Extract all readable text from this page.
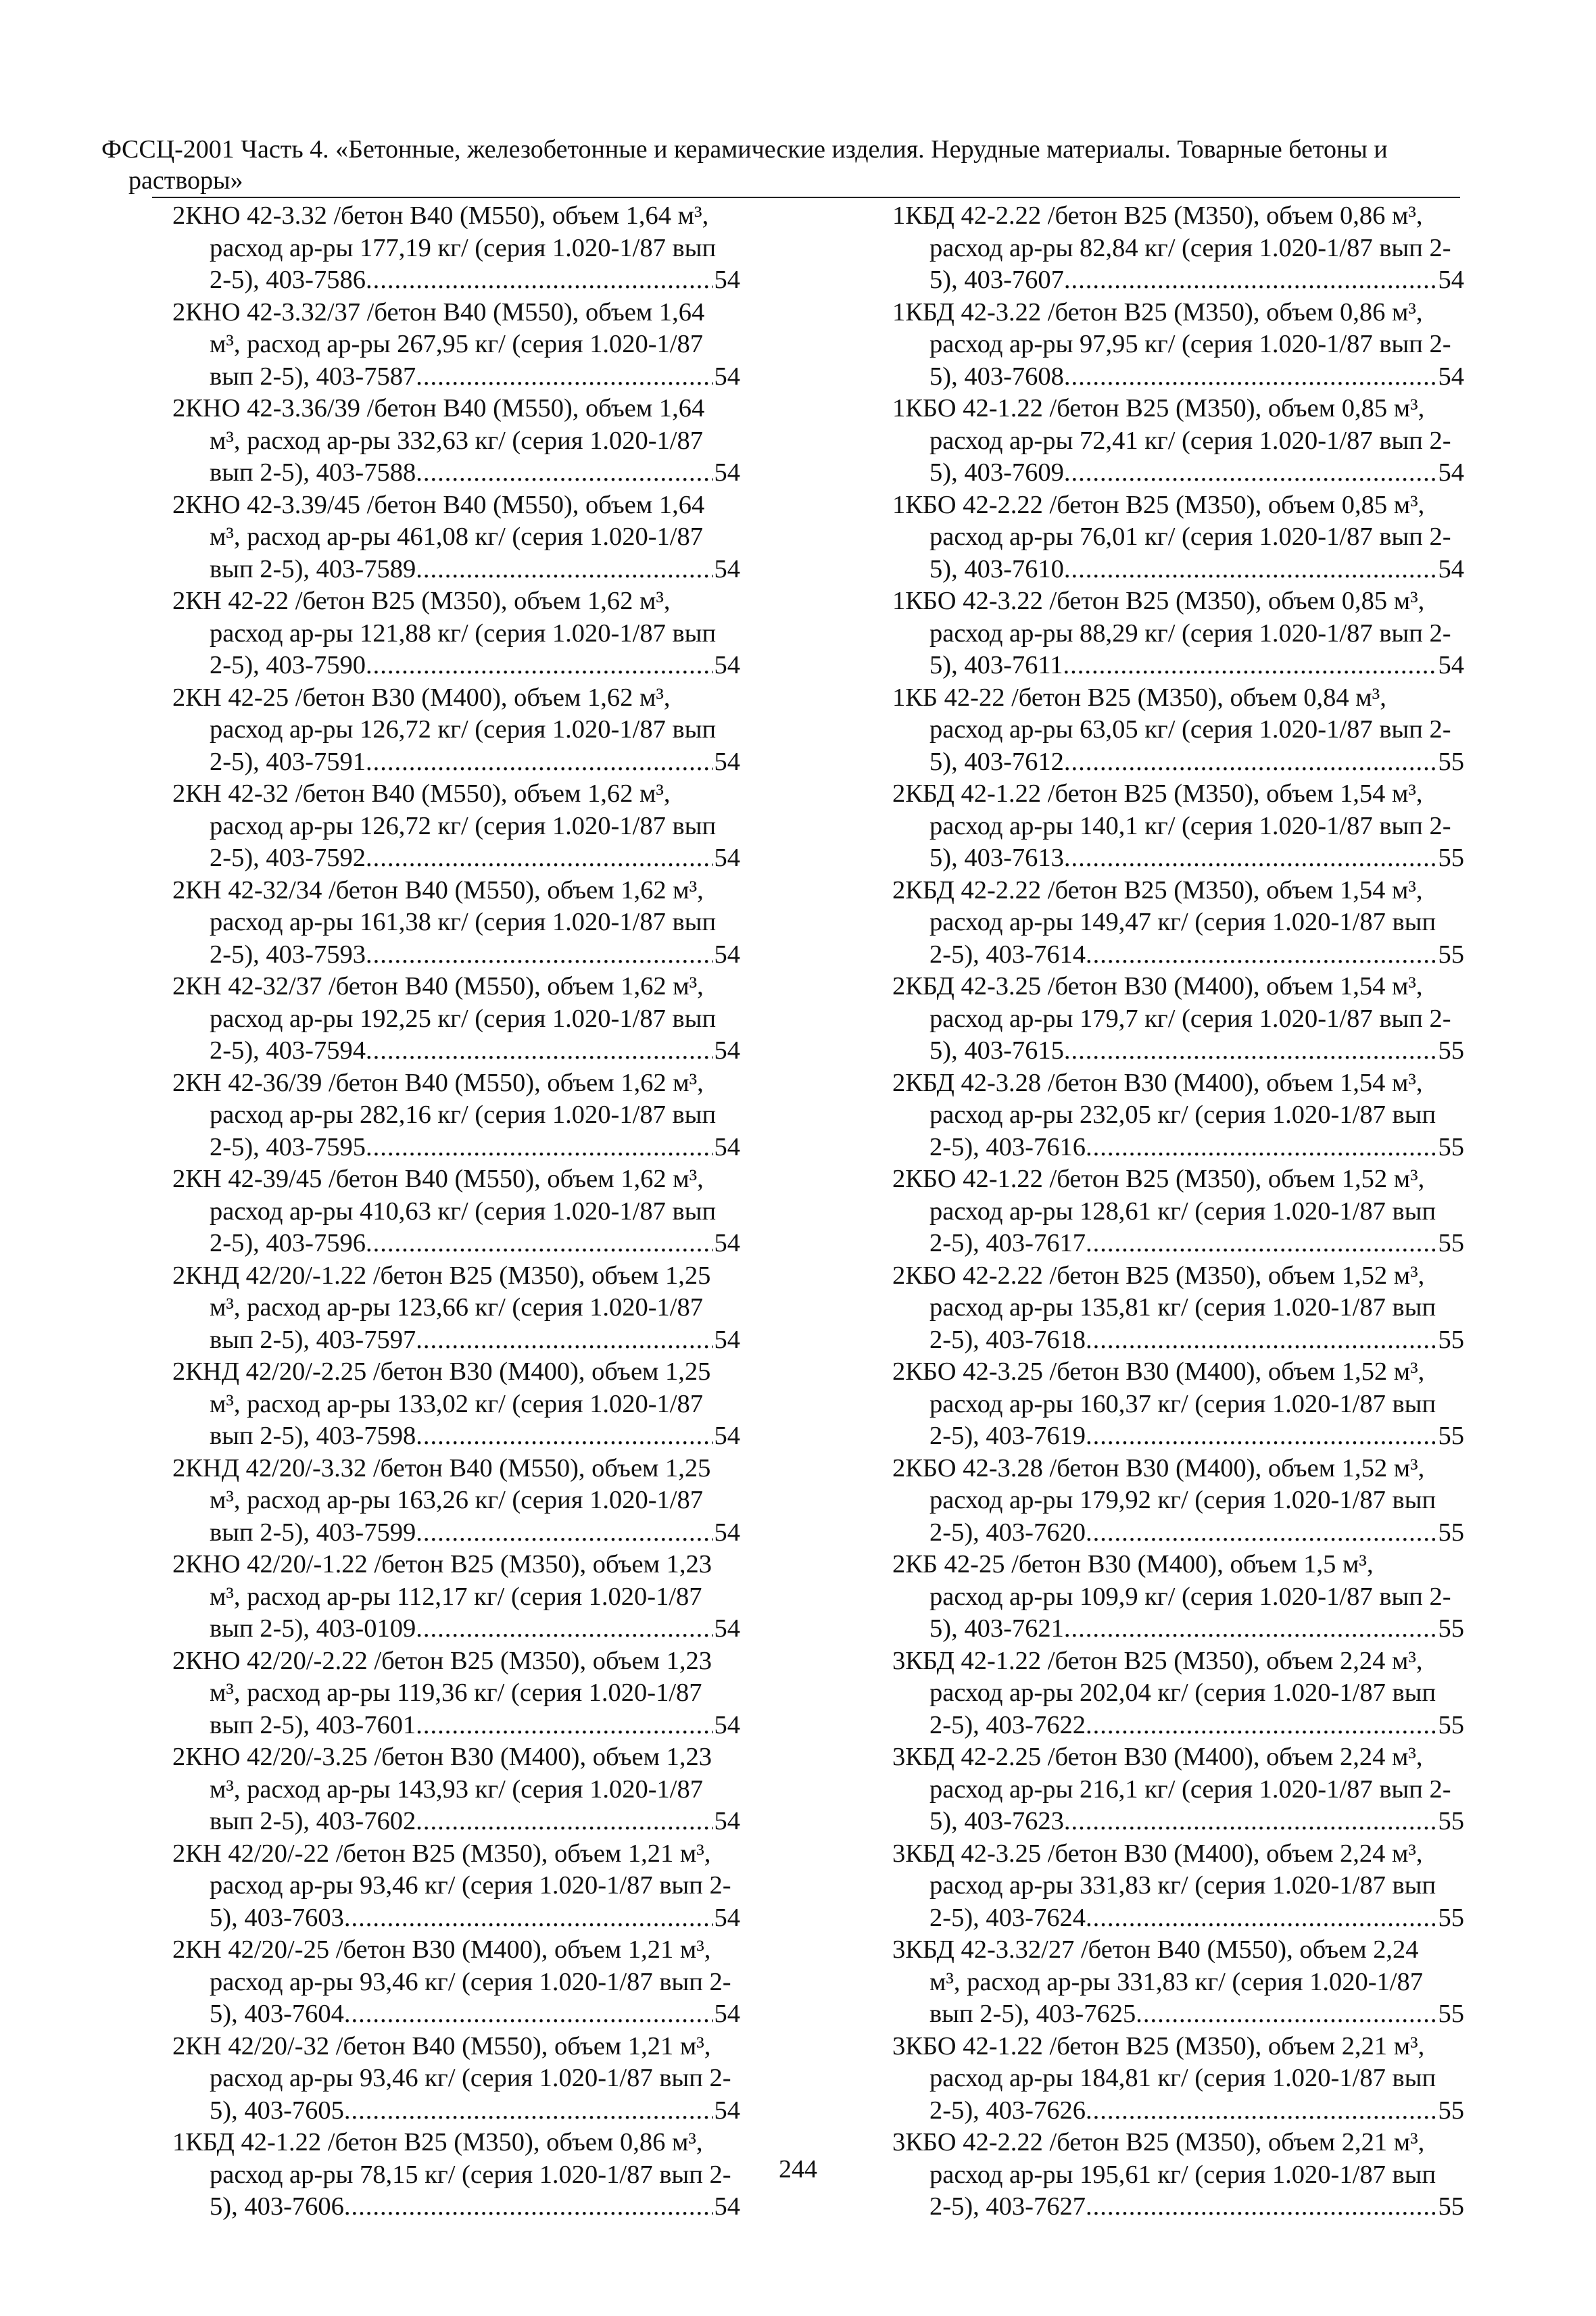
ФССЦ-2001 Часть 4. «Бетонные, железобетонные и керамические изделия. Нерудные материалы. Товарные бетоны и
растворы»
2КНО 42-3.32 /бетон В40 (М550), объем 1,64 м³,
расход ар-ры 177,19 кг/ (серия 1.020-1/87 вып
2-5), 403-7586 .....	54
2КНО 42-3.32/37 /бетон В40 (М550), объем 1,64
м³, расход ар-ры 267,95 кг/ (серия 1.020-1/87
вып 2-5), 403-7587 .....	54
2КНО 42-3.36/39 /бетон В40 (М550), объем 1,64
м³, расход ар-ры 332,63 кг/ (серия 1.020-1/87
вып 2-5), 403-7588 .....	54
2КНО 42-3.39/45 /бетон В40 (М550), объем 1,64
м³, расход ар-ры 461,08 кг/ (серия 1.020-1/87
вып 2-5), 403-7589 .....	54
2КН 42-22 /бетон В25 (М350), объем 1,62 м³,
расход ар-ры 121,88 кг/ (серия 1.020-1/87 вып
2-5), 403-7590 .....	54
2КН 42-25 /бетон В30 (М400), объем 1,62 м³,
расход ар-ры 126,72 кг/ (серия 1.020-1/87 вып
2-5), 403-7591 .....	54
2КН 42-32 /бетон В40 (М550), объем 1,62 м³,
расход ар-ры 126,72 кг/ (серия 1.020-1/87 вып
2-5), 403-7592 .....	54
2КН 42-32/34 /бетон В40 (М550), объем 1,62 м³,
расход ар-ры 161,38 кг/ (серия 1.020-1/87 вып
2-5), 403-7593 .....	54
2КН 42-32/37 /бетон В40 (М550), объем 1,62 м³,
расход ар-ры 192,25 кг/ (серия 1.020-1/87 вып
2-5), 403-7594 .....	54
2КН 42-36/39 /бетон В40 (М550), объем 1,62 м³,
расход ар-ры 282,16 кг/ (серия 1.020-1/87 вып
2-5), 403-7595 .....	54
2КН 42-39/45 /бетон В40 (М550), объем 1,62 м³,
расход ар-ры 410,63 кг/ (серия 1.020-1/87 вып
2-5), 403-7596 .....	54
2КНД 42/20/-1.22 /бетон В25 (М350), объем 1,25
м³, расход ар-ры 123,66 кг/ (серия 1.020-1/87
вып 2-5), 403-7597 .....	54
2КНД 42/20/-2.25 /бетон В30 (М400), объем 1,25
м³, расход ар-ры 133,02 кг/ (серия 1.020-1/87
вып 2-5), 403-7598 .....	54
2КНД 42/20/-3.32 /бетон В40 (М550), объем 1,25
м³, расход ар-ры 163,26 кг/ (серия 1.020-1/87
вып 2-5), 403-7599 .....	54
2КНО 42/20/-1.22 /бетон В25 (М350), объем 1,23
м³, расход ар-ры 112,17 кг/ (серия 1.020-1/87
вып 2-5), 403-0109 .....	54
2КНО 42/20/-2.22 /бетон В25 (М350), объем 1,23
м³, расход ар-ры 119,36 кг/ (серия 1.020-1/87
вып 2-5), 403-7601 .....	54
2КНО 42/20/-3.25 /бетон В30 (М400), объем 1,23
м³, расход ар-ры 143,93 кг/ (серия 1.020-1/87
вып 2-5), 403-7602 .....	54
2КН 42/20/-22 /бетон В25 (М350), объем 1,21 м³,
расход ар-ры 93,46 кг/ (серия 1.020-1/87 вып 2-
5), 403-7603 .....	54
2КН 42/20/-25 /бетон В30 (М400), объем 1,21 м³,
расход ар-ры 93,46 кг/ (серия 1.020-1/87 вып 2-
5), 403-7604 .....	54
2КН 42/20/-32 /бетон В40 (М550), объем 1,21 м³,
расход ар-ры 93,46 кг/ (серия 1.020-1/87 вып 2-
5), 403-7605 .....	54
1КБД 42-1.22 /бетон В25 (М350), объем 0,86 м³,
расход ар-ры 78,15 кг/ (серия 1.020-1/87 вып 2-
5), 403-7606 .....	54
1КБД 42-2.22 /бетон В25 (М350), объем 0,86 м³,
расход ар-ры 82,84 кг/ (серия 1.020-1/87 вып 2-
5), 403-7607 .....	54
1КБД 42-3.22 /бетон В25 (М350), объем 0,86 м³,
расход ар-ры 97,95 кг/ (серия 1.020-1/87 вып 2-
5), 403-7608 .....	54
1КБО 42-1.22 /бетон В25 (М350), объем 0,85 м³,
расход ар-ры 72,41 кг/ (серия 1.020-1/87 вып 2-
5), 403-7609 .....	54
1КБО 42-2.22 /бетон В25 (М350), объем 0,85 м³,
расход ар-ры 76,01 кг/ (серия 1.020-1/87 вып 2-
5), 403-7610 .....	54
1КБО 42-3.22 /бетон В25 (М350), объем 0,85 м³,
расход ар-ры 88,29 кг/ (серия 1.020-1/87 вып 2-
5), 403-7611 .....	54
1КБ 42-22 /бетон В25 (М350), объем 0,84 м³,
расход ар-ры 63,05 кг/ (серия 1.020-1/87 вып 2-
5), 403-7612 .....	55
2КБД 42-1.22 /бетон В25 (М350), объем 1,54 м³,
расход ар-ры 140,1 кг/ (серия 1.020-1/87 вып 2-
5), 403-7613 .....	55
2КБД 42-2.22 /бетон В25 (М350), объем 1,54 м³,
расход ар-ры 149,47 кг/ (серия 1.020-1/87 вып
2-5), 403-7614 .....	55
2КБД 42-3.25 /бетон В30 (М400), объем 1,54 м³,
расход ар-ры 179,7 кг/ (серия 1.020-1/87 вып 2-
5), 403-7615 .....	55
2КБД 42-3.28 /бетон В30 (М400), объем 1,54 м³,
расход ар-ры 232,05 кг/ (серия 1.020-1/87 вып
2-5), 403-7616 .....	55
2КБО 42-1.22 /бетон В25 (М350), объем 1,52 м³,
расход ар-ры 128,61 кг/ (серия 1.020-1/87 вып
2-5), 403-7617 .....	55
2КБО 42-2.22 /бетон В25 (М350), объем 1,52 м³,
расход ар-ры 135,81 кг/ (серия 1.020-1/87 вып
2-5), 403-7618 .....	55
2КБО 42-3.25 /бетон В30 (М400), объем 1,52 м³,
расход ар-ры 160,37 кг/ (серия 1.020-1/87 вып
2-5), 403-7619 .....	55
2КБО 42-3.28 /бетон В30 (М400), объем 1,52 м³,
расход ар-ры 179,92 кг/ (серия 1.020-1/87 вып
2-5), 403-7620 .....	55
2КБ 42-25 /бетон В30 (М400), объем 1,5 м³,
расход ар-ры 109,9 кг/ (серия 1.020-1/87 вып 2-
5), 403-7621 .....	55
3КБД 42-1.22 /бетон В25 (М350), объем 2,24 м³,
расход ар-ры 202,04 кг/ (серия 1.020-1/87 вып
2-5), 403-7622 .....	55
3КБД 42-2.25 /бетон В30 (М400), объем 2,24 м³,
расход ар-ры 216,1 кг/ (серия 1.020-1/87 вып 2-
5), 403-7623 .....	55
3КБД 42-3.25 /бетон В30 (М400), объем 2,24 м³,
расход ар-ры 331,83 кг/ (серия 1.020-1/87 вып
2-5), 403-7624 .....	55
3КБД 42-3.32/27 /бетон В40 (М550), объем 2,24
м³, расход ар-ры 331,83 кг/ (серия 1.020-1/87
вып 2-5), 403-7625 .....	55
3КБО 42-1.22 /бетон В25 (М350), объем 2,21 м³,
расход ар-ры 184,81 кг/ (серия 1.020-1/87 вып
2-5), 403-7626 .....	55
3КБО 42-2.22 /бетон В25 (М350), объем 2,21 м³,
расход ар-ры 195,61 кг/ (серия 1.020-1/87 вып
2-5), 403-7627 .....	55
244
